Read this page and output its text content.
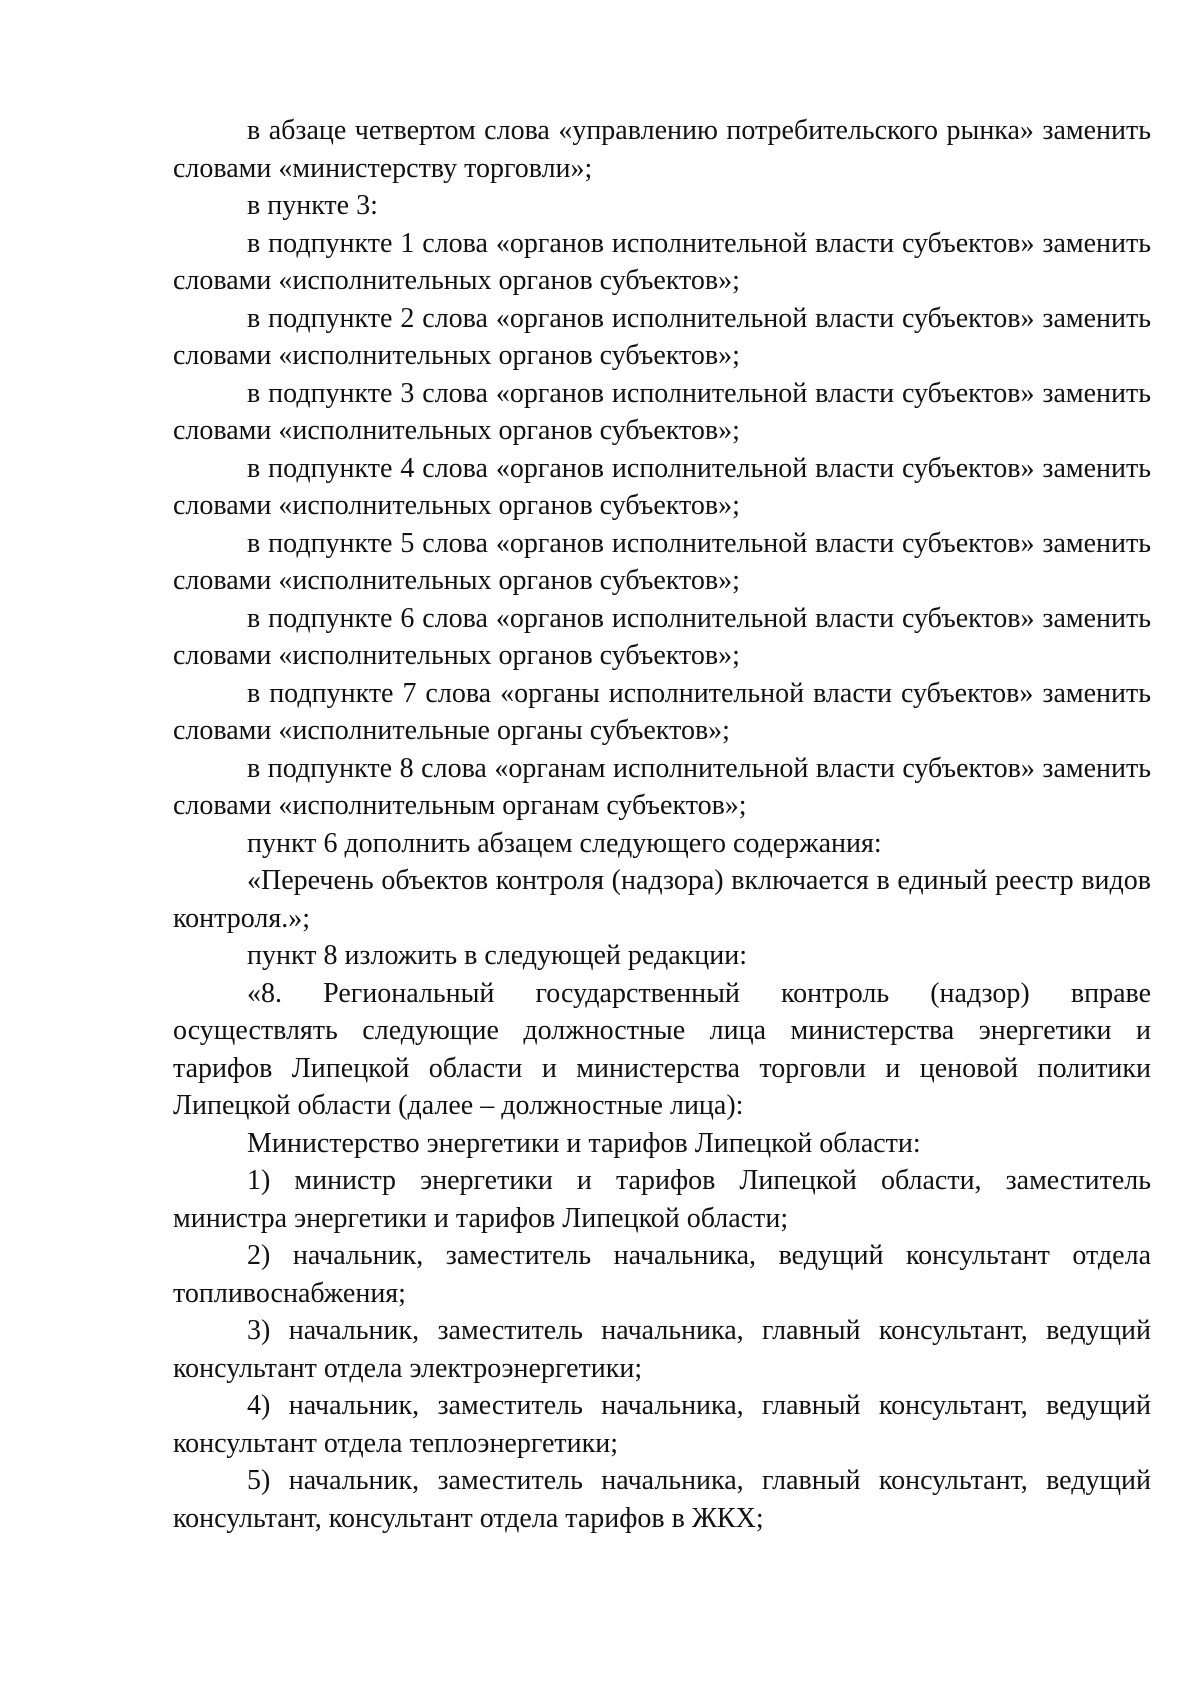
в абзаце четвертом слова «управлению потребительского рынка» заменить словами «министерству торговли»;

в пункте 3:

в подпункте 1 слова «органов исполнительной власти субъектов» заменить словами «исполнительных органов субъектов»;

в подпункте 2 слова «органов исполнительной власти субъектов» заменить словами «исполнительных органов субъектов»;

в подпункте 3 слова «органов исполнительной власти субъектов» заменить словами «исполнительных органов субъектов»;

в подпункте 4 слова «органов исполнительной власти субъектов» заменить словами «исполнительных органов субъектов»;

в подпункте 5 слова «органов исполнительной власти субъектов» заменить словами «исполнительных органов субъектов»;

в подпункте 6 слова «органов исполнительной власти субъектов» заменить словами «исполнительных органов субъектов»;

в подпункте 7 слова «органы исполнительной власти субъектов» заменить словами «исполнительные органы субъектов»;

в подпункте 8 слова «органам исполнительной власти субъектов» заменить словами «исполнительным органам субъектов»;

пункт 6 дополнить абзацем следующего содержания:

«Перечень объектов контроля (надзора) включается в единый реестр видов контроля.»;

пункт 8 изложить в следующей редакции:

«8. Региональный государственный контроль (надзор) вправе осуществлять следующие должностные лица министерства энергетики и тарифов Липецкой области и министерства торговли и ценовой политики Липецкой области (далее – должностные лица):

Министерство энергетики и тарифов Липецкой области:

1) министр энергетики и тарифов Липецкой области, заместитель министра энергетики и тарифов Липецкой области;

2) начальник, заместитель начальника, ведущий консультант отдела топливоснабжения;

3) начальник, заместитель начальника, главный консультант, ведущий консультант отдела электроэнергетики;

4) начальник, заместитель начальника, главный консультант, ведущий консультант отдела теплоэнергетики;

5) начальник, заместитель начальника, главный консультант, ведущий консультант, консультант отдела тарифов в ЖКХ;
